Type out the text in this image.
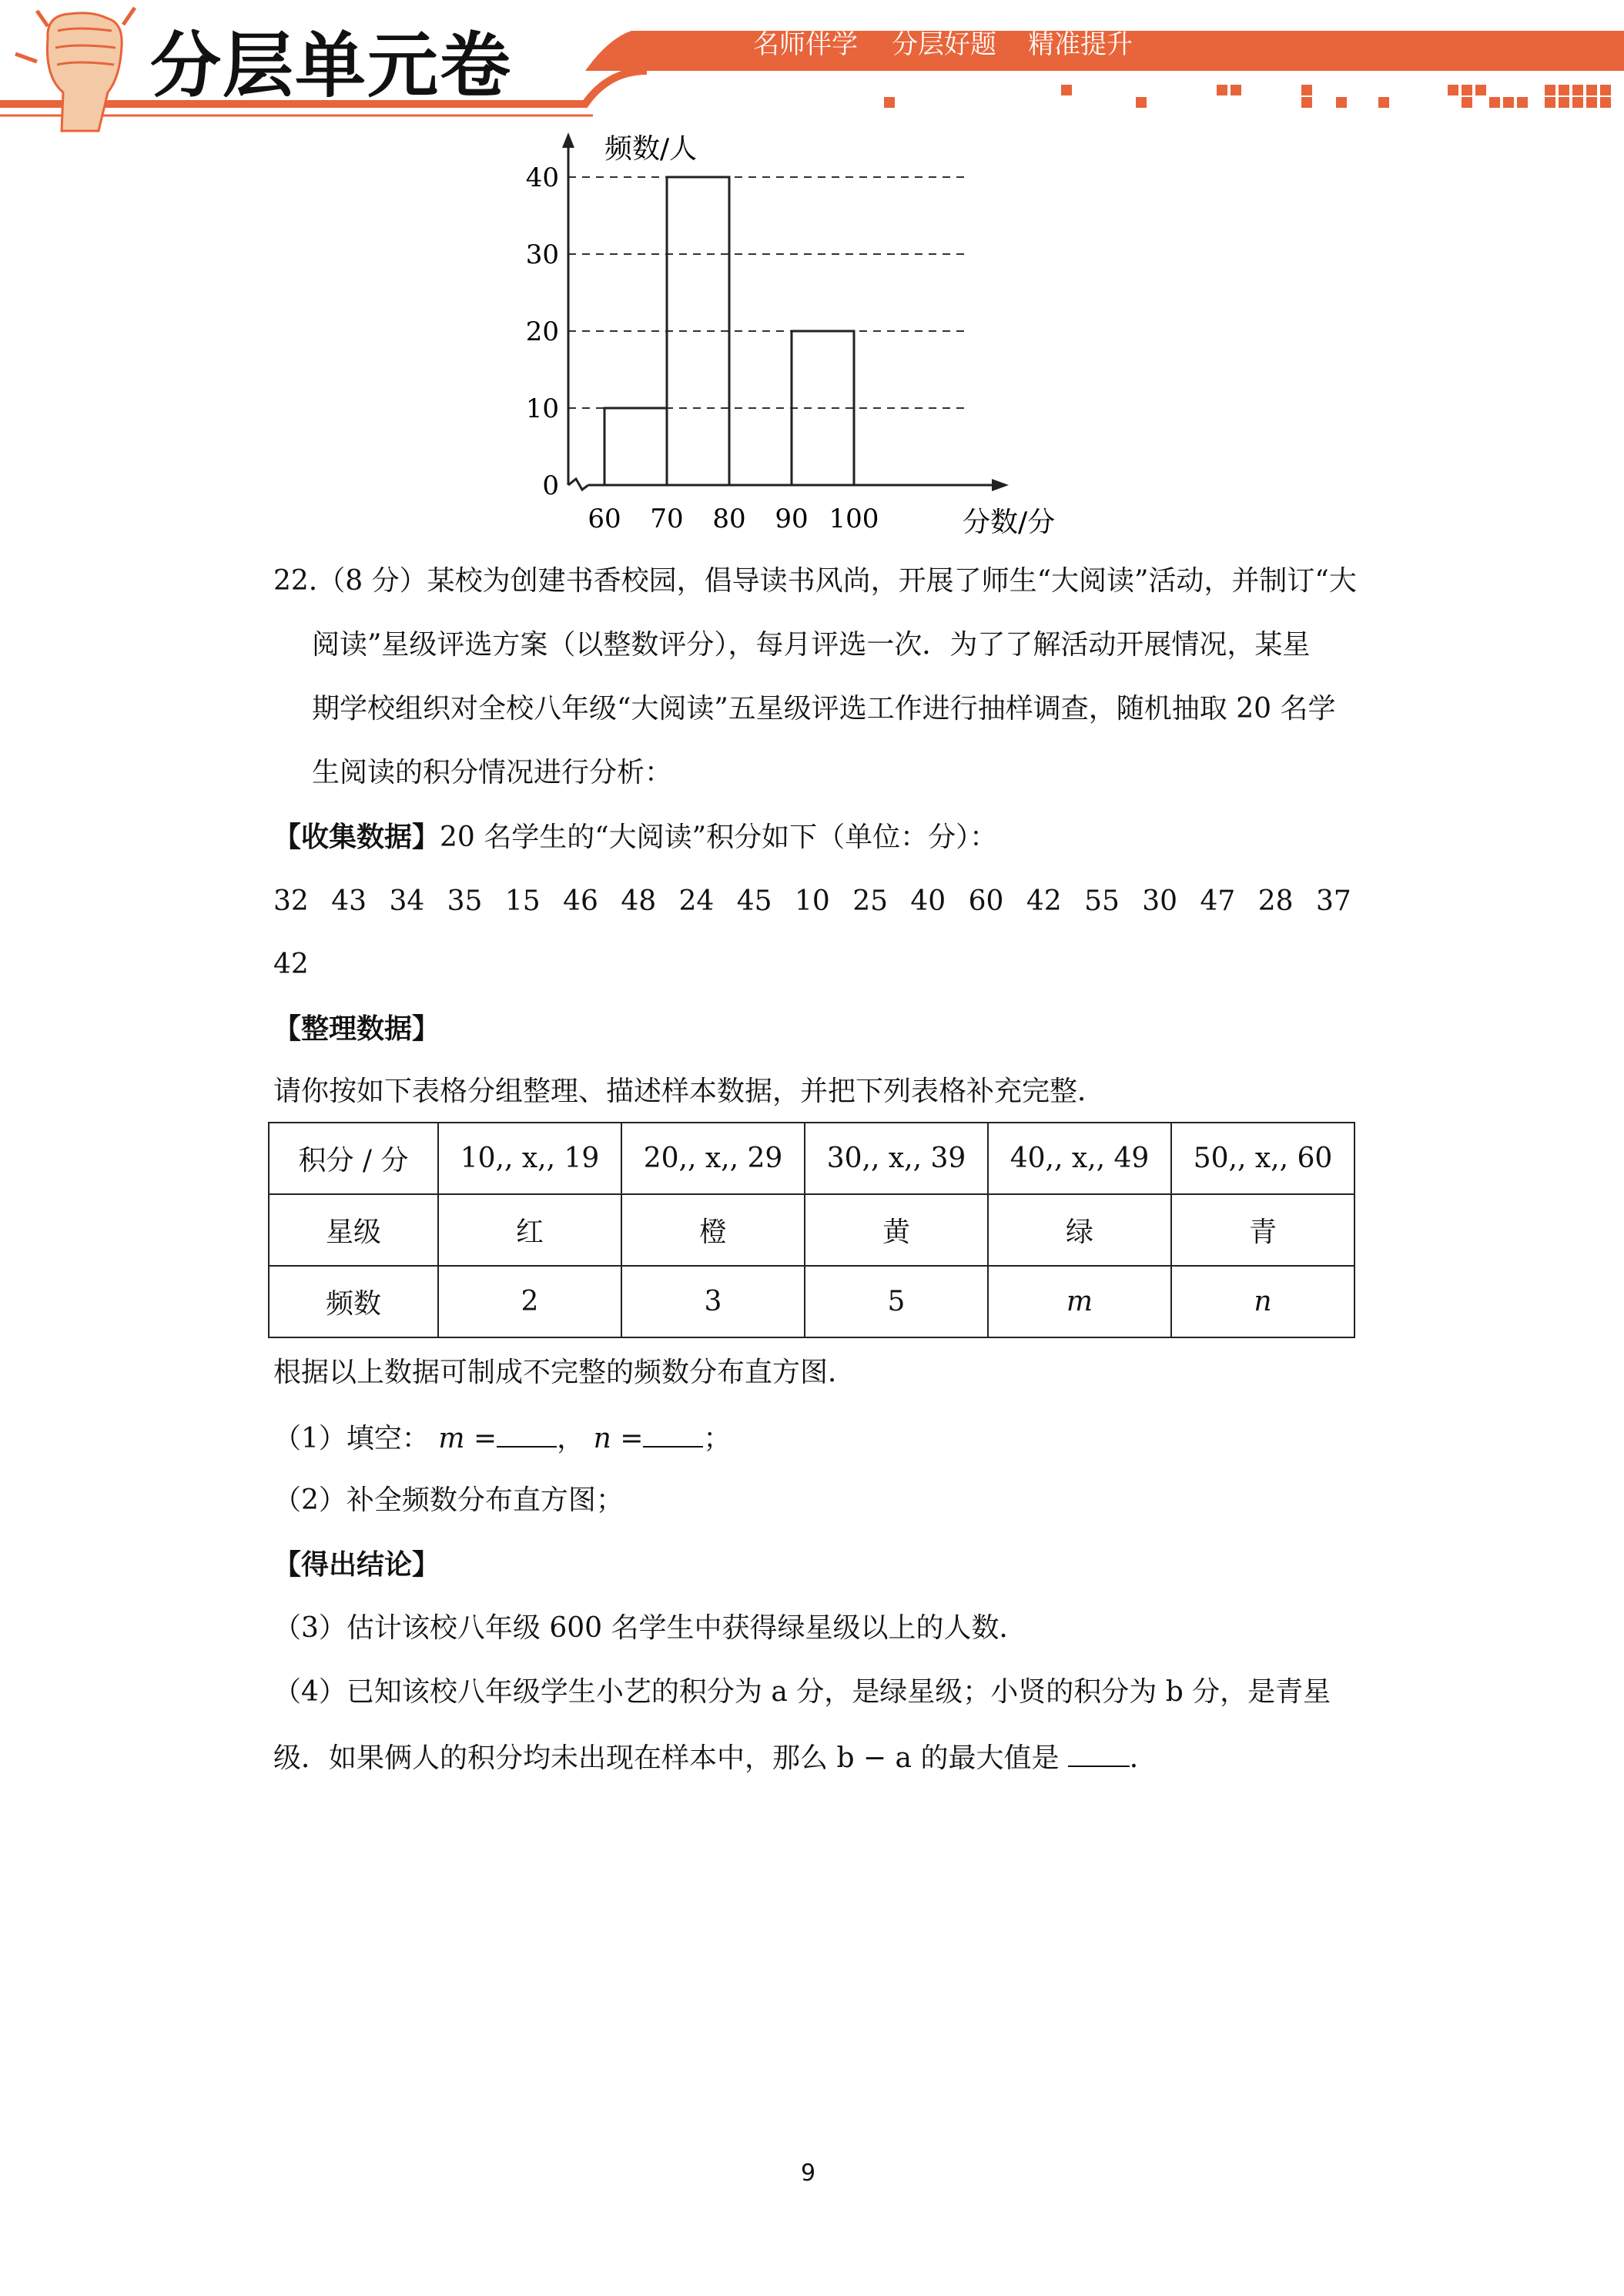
分层单元卷	名师伴学 分层好题 精准提升
0
10
20
30
40
60 70 80 90 100
频数/人
分数/分
22.（8 分）某校为创建书香校园，倡导读书风尚，开展了师生“大阅读”活动，并制订“大
阅读”星级评选方案（以整数评分），每月评选一次．为了了解活动开展情况，某星
期学校组织对全校八年级“大阅读”五星级评选工作进行抽样调查，随机抽取 20 名学
生阅读的积分情况进行分析：
【收集数据】20 名学生的“大阅读”积分如下（单位：分）：
32 43 34 35 15 46 48 24 45 10 25 40 60 42 55 30 47 28 37
42
【整理数据】
请你按如下表格分组整理、描述样本数据，并把下列表格补充完整．
积分 / 分	10,, x,, 19	20,, x,, 29	30,, x,, 39	40,, x,, 49	50,, x,, 60
星级	红	橙	黄	绿	青
频数	2	3	5	m	n
根据以上数据可制成不完整的频数分布直方图．
（1）填空： m = ， n = ；
（2）补全频数分布直方图；
【得出结论】
（3）估计该校八年级 600 名学生中获得绿星级以上的人数．
（4）已知该校八年级学生小艺的积分为 a 分，是绿星级；小贤的积分为 b 分，是青星
级．如果俩人的积分均未出现在样本中，那么 b − a 的最大值是	．
9
